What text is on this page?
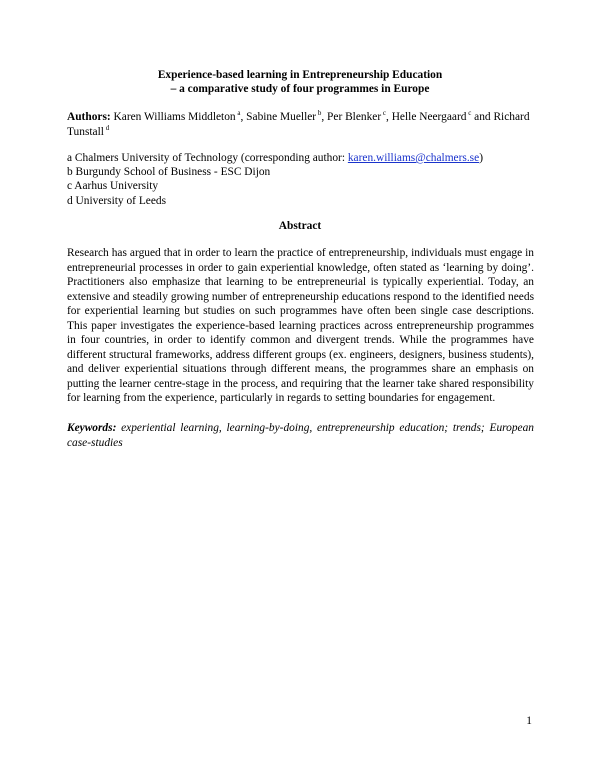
Experience-based learning in Entrepreneurship Education
– a comparative study of four programmes in Europe
Authors: Karen Williams Middleton $^a$, Sabine Mueller $^b$, Per Blenker $^c$, Helle Neergaard $^c$ and Richard Tunstall $^d$
a Chalmers University of Technology (corresponding author: karen.williams@chalmers.se)
b Burgundy School of Business - ESC Dijon
c Aarhus University
d University of Leeds
Abstract

Research has argued that in order to learn the practice of entrepreneurship, individuals must engage in entrepreneurial processes in order to gain experiential knowledge, often stated as ‘learning by doing’. Practitioners also emphasize that learning to be entrepreneurial is typically experiential. Today, an extensive and steadily growing number of entrepreneurship educations respond to the identified needs for experiential learning but studies on such programmes have often been single case descriptions. This paper investigates the experience-based learning practices across entrepreneurship programmes in four countries, in order to identify common and divergent trends. While the programmes have different structural frameworks, address different groups (ex. engineers, designers, business students), and deliver experiential situations through different means, the programmes share an emphasis on putting the learner centre-stage in the process, and requiring that the learner take shared responsibility for learning from the experience, particularly in regards to setting boundaries for engagement.

Keywords: experiential learning, learning-by-doing, entrepreneurship education; trends; European case-studies

1
